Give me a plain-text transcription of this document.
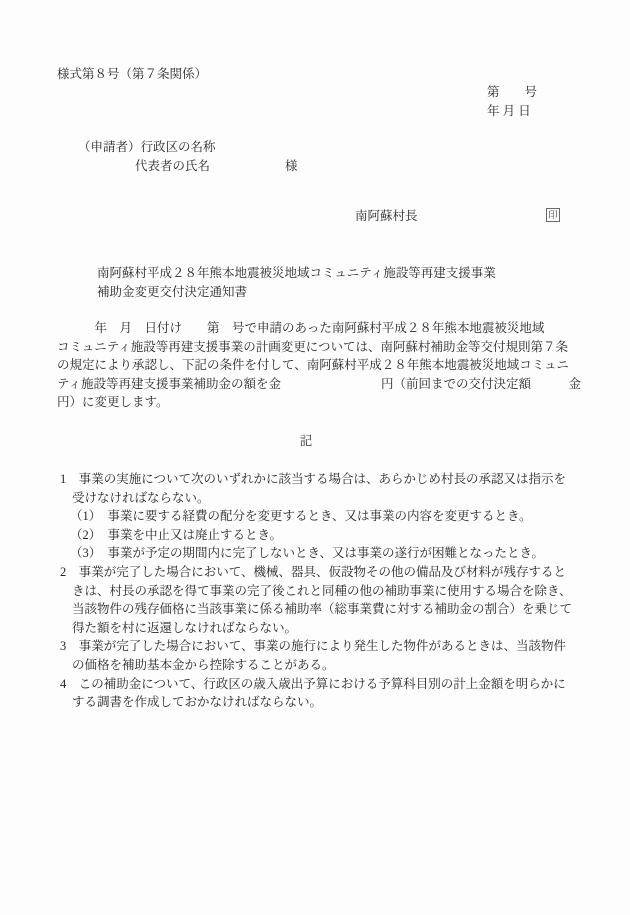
様式第８号（第７条関係）
第　　号
年 月 日
（申請者）行政区の名称
代表者の氏名　　　　　　様
南阿蘇村長	印
南阿蘇村平成２８年熊本地震被災地域コミュニティ施設等再建支援事業
補助金変更交付決定通知書
　　　年　月　日付け　　第　号で申請のあった南阿蘇村平成２８年熊本地震被災地域
コミュニティ施設等再建支援事業の計画変更については、南阿蘇村補助金等交付規則第７条
の規定により承認し、下記の条件を付して、南阿蘇村平成２８年熊本地震被災地域コミュニ
ティ施設等再建支援事業補助金の額を金　　　　　　　　円（前回までの交付決定額　　　金
円）に変更します。
記
1　事業の実施について次のいずれかに該当する場合は、あらかじめ村長の承認又は指示を
受けなければならない。
（1）　事業に要する経費の配分を変更するとき、又は事業の内容を変更するとき。
（2）　事業を中止又は廃止するとき。
（3）　事業が予定の期間内に完了しないとき、又は事業の遂行が困難となったとき。
2　事業が完了した場合において、機械、器具、仮設物その他の備品及び材料が残存すると
きは、村長の承認を得て事業の完了後これと同種の他の補助事業に使用する場合を除き、
当該物件の残存価格に当該事業に係る補助率（総事業費に対する補助金の割合）を乗じて
得た額を村に返還しなければならない。
3　事業が完了した場合において、事業の施行により発生した物件があるときは、当該物件
の価格を補助基本金から控除することがある。
4　この補助金について、行政区の歳入歳出予算における予算科目別の計上金額を明らかに
する調書を作成しておかなければならない。
